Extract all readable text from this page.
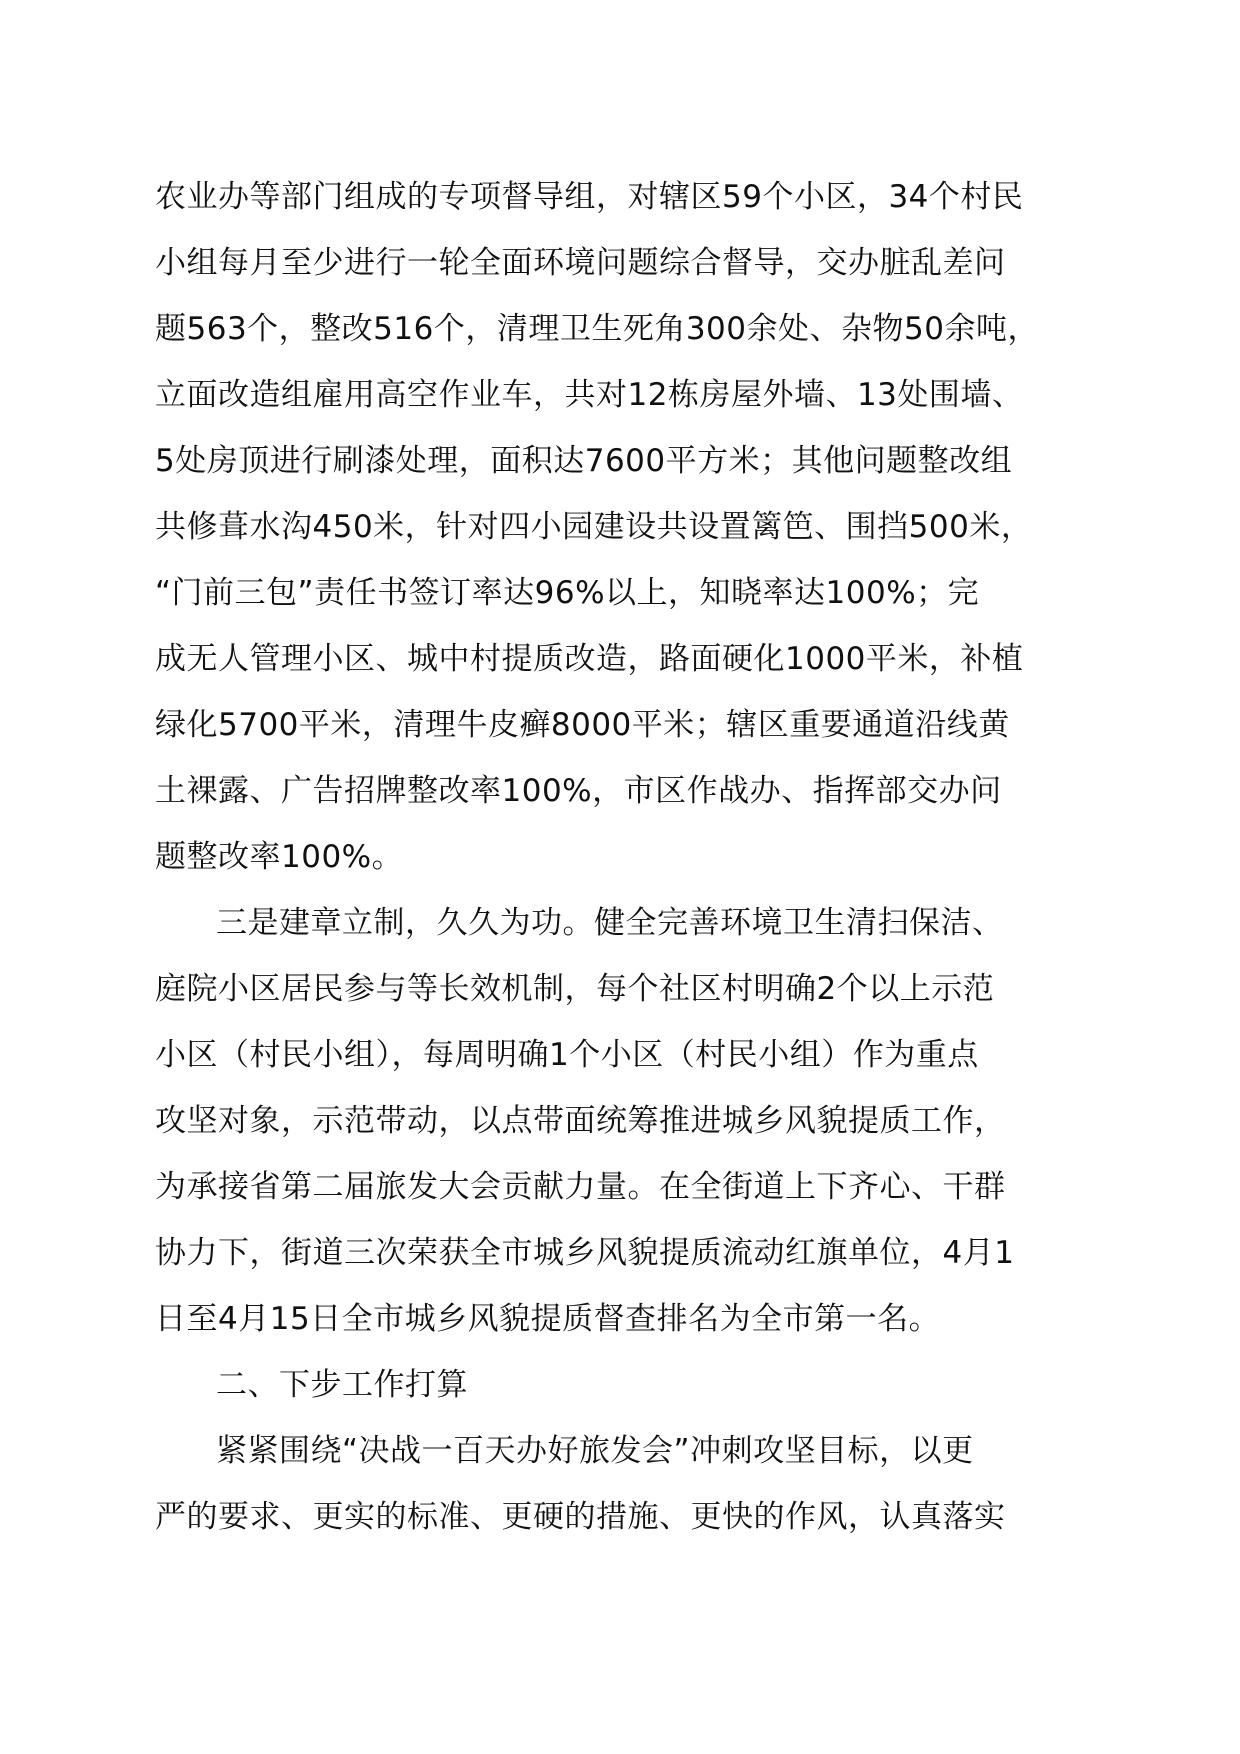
农业办等部门组成的专项督导组，对辖区59个小区，34个村民
小组每月至少进行一轮全面环境问题综合督导，交办脏乱差问
题563个，整改516个，清理卫生死角300余处、杂物50余吨，
立面改造组雇用高空作业车，共对12栋房屋外墙、13处围墙、
5处房顶进行刷漆处理，面积达7600平方米；其他问题整改组
共修葺水沟450米，针对四小园建设共设置篱笆、围挡500米，
“门前三包”责任书签订率达96%以上，知晓率达100%；完
成无人管理小区、城中村提质改造，路面硬化1000平米，补植
绿化5700平米，清理牛皮癣8000平米；辖区重要通道沿线黄
土裸露、广告招牌整改率100%，市区作战办、指挥部交办问
题整改率100%。
三是建章立制，久久为功。健全完善环境卫生清扫保洁、
庭院小区居民参与等长效机制，每个社区村明确2个以上示范
小区（村民小组），每周明确1个小区（村民小组）作为重点
攻坚对象，示范带动，以点带面统筹推进城乡风貌提质工作，
为承接省第二届旅发大会贡献力量。在全街道上下齐心、干群
协力下，街道三次荣获全市城乡风貌提质流动红旗单位，4月1
日至4月15日全市城乡风貌提质督查排名为全市第一名。
二、下步工作打算
紧紧围绕“决战一百天办好旅发会”冲刺攻坚目标，以更
严的要求、更实的标准、更硬的措施、更快的作风，认真落实
